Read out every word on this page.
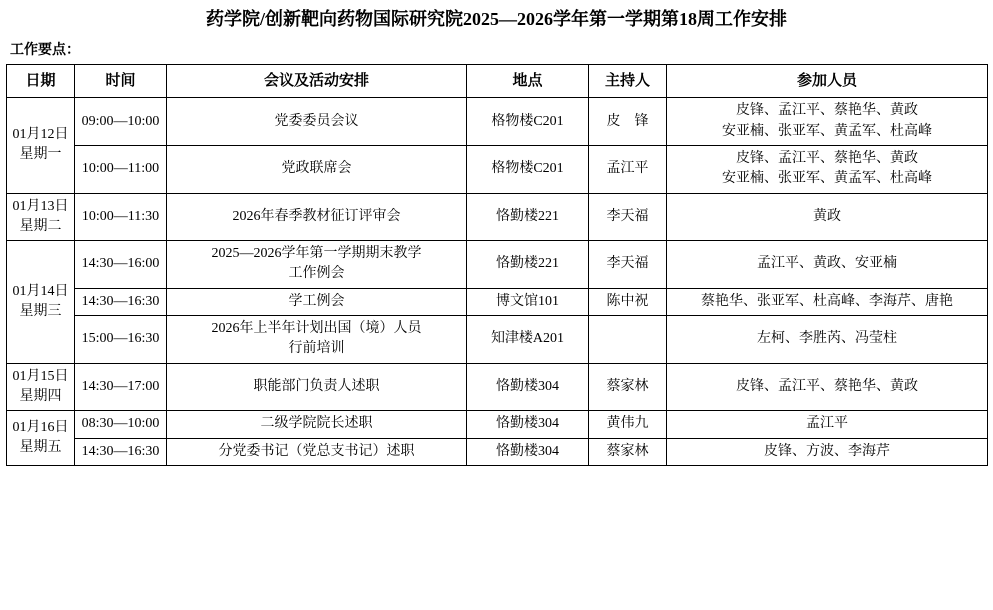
药学院/创新靶向药物国际研究院2025—2026学年第一学期第18周工作安排
工作要点：
日期	时间	会议及活动安排	地点	主持人	参加人员

01月12日
星期一	09:00—10:00	党委委员会议	格物楼C201	皮　锋	皮锋、孟江平、蔡艳华、黄政
安亚楠、张亚军、黄孟军、杜高峰

	10:00—11:00	党政联席会	格物楼C201	孟江平	皮锋、孟江平、蔡艳华、黄政
安亚楠、张亚军、黄孟军、杜高峰

01月13日
星期二	10:00—11:30	2026年春季教材征订评审会	恪勤楼221	李天福	黄政

01月14日
星期三	14:30—16:00	2025—2026学年第一学期期末教学
工作例会	恪勤楼221	李天福	孟江平、黄政、安亚楠

	14:30—16:30	学工例会	博文馆101	陈中祝	蔡艳华、张亚军、杜高峰、李海芹、唐艳

	15:00—16:30	2026年上半年计划出国（境）人员
行前培训	知津楼A201		左柯、李胜芮、冯莹柱

01月15日
星期四	14:30—17:00	职能部门负责人述职	恪勤楼304	蔡家林	皮锋、孟江平、蔡艳华、黄政

01月16日
星期五	08:30—10:00	二级学院院长述职	恪勤楼304	黄伟九	孟江平

	14:30—16:30	分党委书记（党总支书记）述职	恪勤楼304	蔡家林	皮锋、方波、李海芹
